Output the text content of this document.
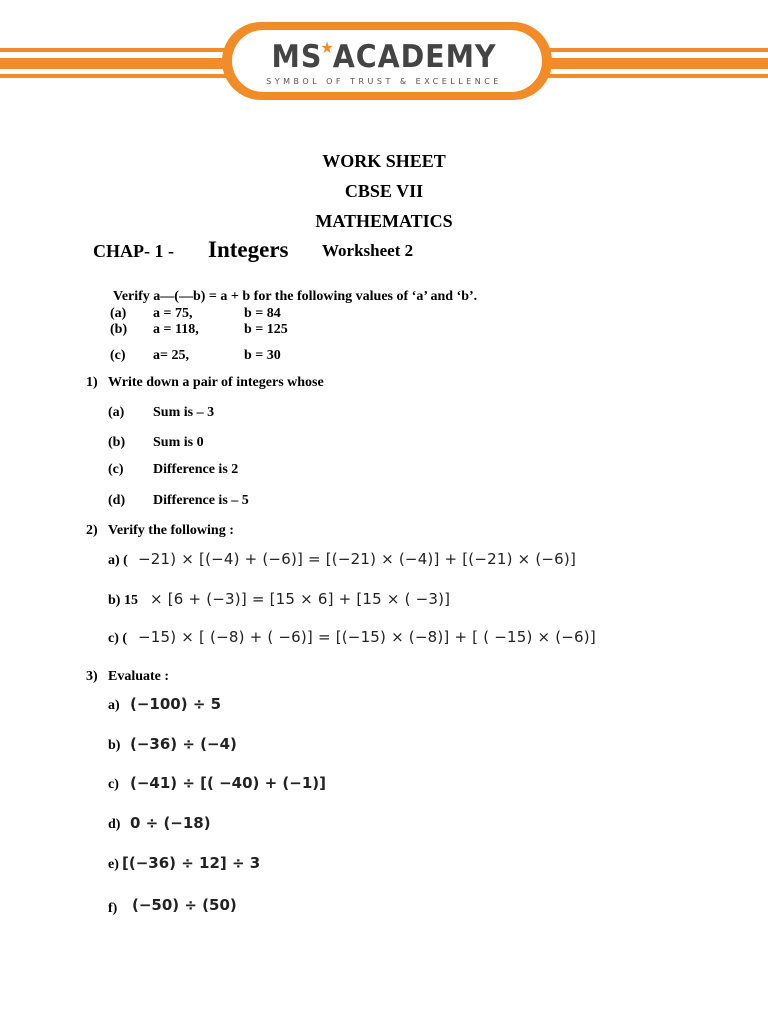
MS★ACADEMY
SYMBOL OF TRUST & EXCELLENCE
WORK SHEET
CBSE VII
MATHEMATICS
CHAP- 1 - Integers Worksheet 2
Verify a—(—b) = a + b for the following values of ‘a’ and ‘b’.
(a) a = 75,	b = 84
(b) a = 118,	b = 125
(c) a= 25,	b = 30
1) Write down a pair of integers whose
(a) Sum is – 3
(b) Sum is 0
(c) Difference is 2
(d) Difference is – 5
2) Verify the following :
a) ( −21) × [(−4) + (−6)] = [(−21) × (−4)] + [(−21) × (−6)]
b) 15 × [6 + (−3)] = [15 × 6] + [15 × ( −3)]
c) ( −15) × [ (−8) + ( −6)] = [(−15) × (−8)] + [ ( −15) × (−6)]
3) Evaluate :
a) (−100) ÷ 5
b) (−36) ÷ (−4)
c) (−41) ÷ [( −40) + (−1)]
d) 0 ÷ (−18)
e) [(−36) ÷ 12] ÷ 3
f) (−50) ÷ (50)
